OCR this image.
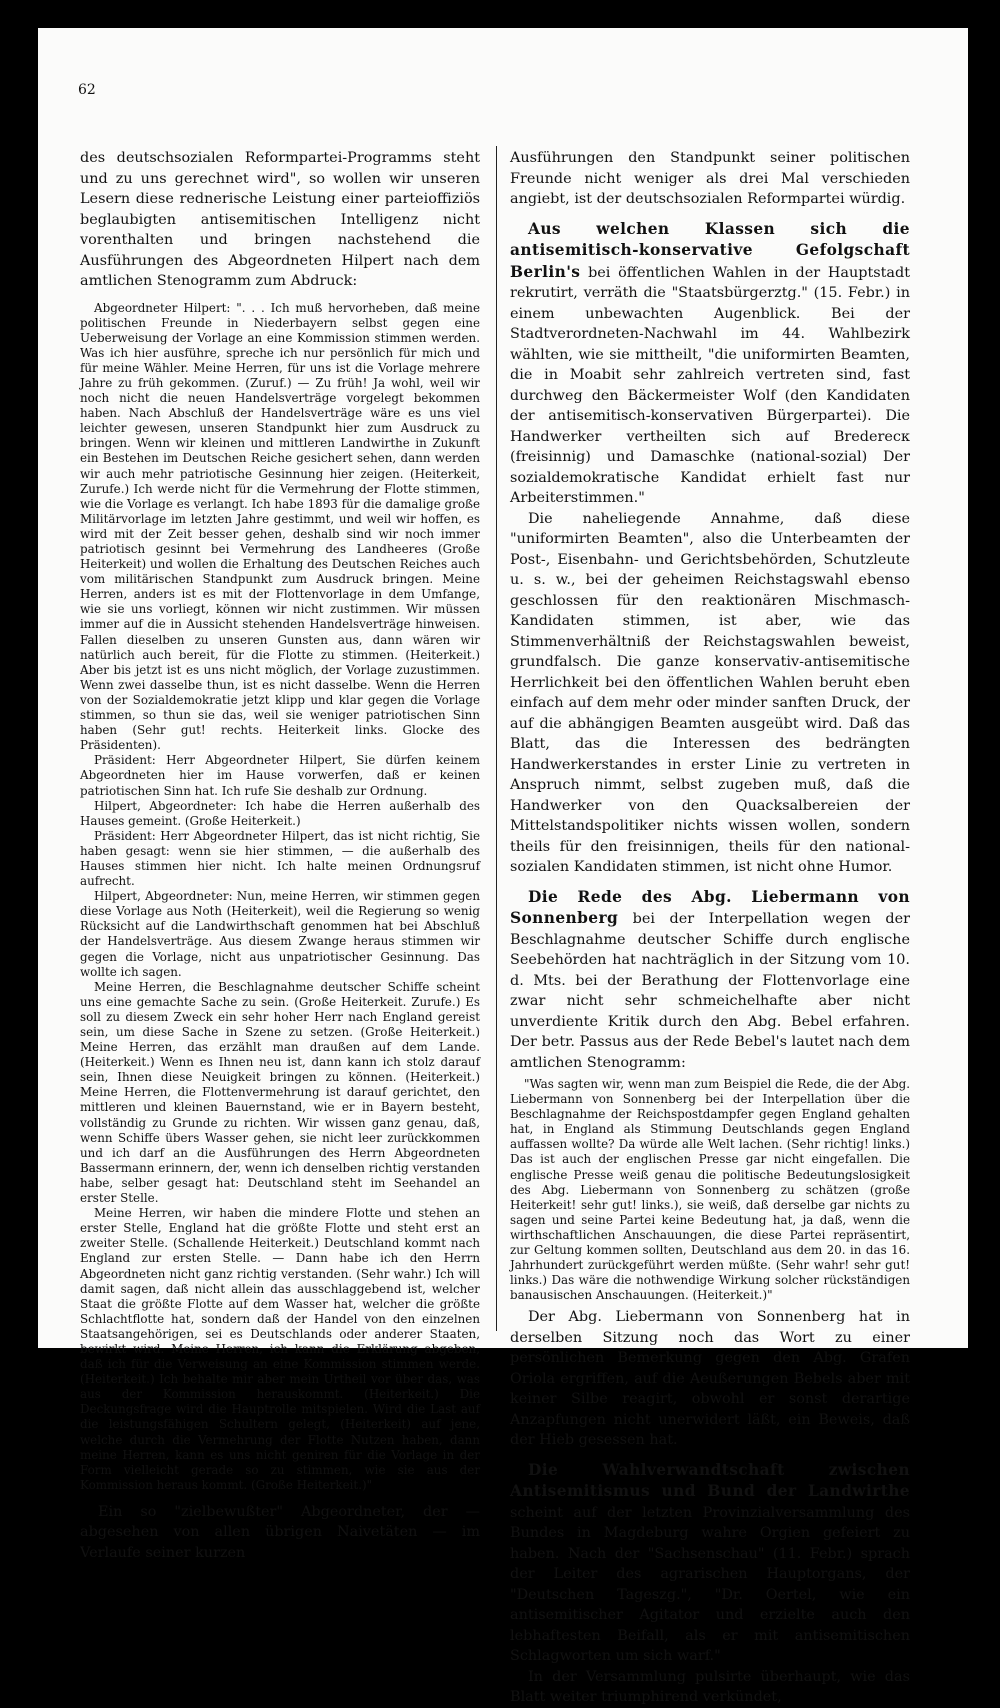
62

des deutschsozialen Reformpartei-Programms steht und zu uns gerechnet wird", so wollen wir unseren Lesern diese rednerische Leistung einer parteioffiziös beglaubigten antisemitischen Intelligenz nicht vorenthalten und bringen nachstehend die Ausführungen des Abgeordneten Hilpert nach dem amtlichen Stenogramm zum Abdruck:

Abgeordneter Hilpert: ". . . Ich muß hervorheben, daß meine politischen Freunde in Niederbayern selbst gegen eine Ueberweisung der Vorlage an eine Kommission stimmen werden. Was ich hier ausführe, spreche ich nur persönlich für mich und für meine Wähler. Meine Herren, für uns ist die Vorlage mehrere Jahre zu früh gekommen. (Zuruf.) — Zu früh! Ja wohl, weil wir noch nicht die neuen Handelsverträge vorgelegt bekommen haben. Nach Abschluß der Handelsverträge wäre es uns viel leichter gewesen, unseren Standpunkt hier zum Ausdruck zu bringen. Wenn wir kleinen und mittleren Landwirthe in Zukunft ein Bestehen im Deutschen Reiche gesichert sehen, dann werden wir auch mehr patriotische Gesinnung hier zeigen. (Heiterkeit, Zurufe.) Ich werde nicht für die Vermehrung der Flotte stimmen, wie die Vorlage es verlangt. Ich habe 1893 für die damalige große Militärvorlage im letzten Jahre gestimmt, und weil wir hoffen, es wird mit der Zeit besser gehen, deshalb sind wir noch immer patriotisch gesinnt bei Vermehrung des Landheeres (Große Heiterkeit) und wollen die Erhaltung des Deutschen Reiches auch vom militärischen Standpunkt zum Ausdruck bringen. Meine Herren, anders ist es mit der Flottenvorlage in dem Umfange, wie sie uns vorliegt, können wir nicht zustimmen. Wir müssen immer auf die in Aussicht stehenden Handelsverträge hinweisen. Fallen dieselben zu unseren Gunsten aus, dann wären wir natürlich auch bereit, für die Flotte zu stimmen. (Heiterkeit.) Aber bis jetzt ist es uns nicht möglich, der Vorlage zuzustimmen. Wenn zwei dasselbe thun, ist es nicht dasselbe. Wenn die Herren von der Sozialdemokratie jetzt klipp und klar gegen die Vorlage stimmen, so thun sie das, weil sie weniger patriotischen Sinn haben (Sehr gut! rechts. Heiterkeit links. Glocke des Präsidenten).

Präsident: Herr Abgeordneter Hilpert, Sie dürfen keinem Abgeordneten hier im Hause vorwerfen, daß er keinen patriotischen Sinn hat. Ich rufe Sie deshalb zur Ordnung.

Hilpert, Abgeordneter: Ich habe die Herren außerhalb des Hauses gemeint. (Große Heiterkeit.)

Präsident: Herr Abgeordneter Hilpert, das ist nicht richtig, Sie haben gesagt: wenn sie hier stimmen, — die außerhalb des Hauses stimmen hier nicht. Ich halte meinen Ordnungsruf aufrecht.

Hilpert, Abgeordneter: Nun, meine Herren, wir stimmen gegen diese Vorlage aus Noth (Heiterkeit), weil die Regierung so wenig Rücksicht auf die Landwirthschaft genommen hat bei Abschluß der Handelsverträge. Aus diesem Zwange heraus stimmen wir gegen die Vorlage, nicht aus unpatriotischer Gesinnung. Das wollte ich sagen.

Meine Herren, die Beschlagnahme deutscher Schiffe scheint uns eine gemachte Sache zu sein. (Große Heiterkeit. Zurufe.) Es soll zu diesem Zweck ein sehr hoher Herr nach England gereist sein, um diese Sache in Szene zu setzen. (Große Heiterkeit.) Meine Herren, das erzählt man draußen auf dem Lande. (Heiterkeit.) Wenn es Ihnen neu ist, dann kann ich stolz darauf sein, Ihnen diese Neuigkeit bringen zu können. (Heiterkeit.) Meine Herren, die Flottenvermehrung ist darauf gerichtet, den mittleren und kleinen Bauernstand, wie er in Bayern besteht, vollständig zu Grunde zu richten. Wir wissen ganz genau, daß, wenn Schiffe übers Wasser gehen, sie nicht leer zurückkommen und ich darf an die Ausführungen des Herrn Abgeordneten Bassermann erinnern, der, wenn ich denselben richtig verstanden habe, selber gesagt hat: Deutschland steht im Seehandel an erster Stelle.

Meine Herren, wir haben die mindere Flotte und stehen an erster Stelle, England hat die größte Flotte und steht erst an zweiter Stelle. (Schallende Heiterkeit.) Deutschland kommt nach England zur ersten Stelle. — Dann habe ich den Herrn Abgeordneten nicht ganz richtig verstanden. (Sehr wahr.) Ich will damit sagen, daß nicht allein das ausschlaggebend ist, welcher Staat die größte Flotte auf dem Wasser hat, welcher die größte Schlachtflotte hat, sondern daß der Handel von den einzelnen Staatsangehörigen, sei es Deutschlands oder anderer Staaten, bewirkt wird. Meine Herren, ich kann die Erklärung abgeben, daß ich für die Verweisung an eine Kommission stimmen werde. (Heiterkeit.) Ich behalte mir aber mein Urtheil vor über das, was aus der Kommission herauskommt. (Heiterkeit.) Die Deckungsfrage wird die Hauptrolle mitspielen. Wird die Last auf die leistungsfähigen Schultern gelegt, (Heiterkeit) auf jene, welche durch die Vermehrung der Flotte Nutzen haben, dann meine Herren, kann es uns nicht geniren für die Vorlage in der Form vielleicht gerade so zu stimmen, wie sie aus der Kommission heraus kommt. (Große Heiterkeit.)"

Ein so "zielbewußter" Abgeordneter, der — abgesehen von allen übrigen Naivetäten — im Verlaufe seiner kurzen

Ausführungen den Standpunkt seiner politischen Freunde nicht weniger als drei Mal verschieden angiebt, ist der deutschsozialen Reformpartei würdig.

Aus welchen Klassen sich die antisemitisch-konservative Gefolgschaft Berlin's bei öffentlichen Wahlen in der Hauptstadt rekrutirt, verräth die "Staatsbürgerztg." (15. Febr.) in einem unbewachten Augenblick. Bei der Stadtverordneten-Nachwahl im 44. Wahlbezirk wählten, wie sie mittheilt, "die uniformirten Beamten, die in Moabit sehr zahlreich vertreten sind, fast durchweg den Bäckermeister Wolf (den Kandidaten der antisemitisch-konservativen Bürgerpartei). Die Handwerker vertheilten sich auf Brederecк (freisinnig) und Damaschke (national-sozial) Der sozialdemokratische Kandidat erhielt fast nur Arbeiterstimmen."

Die naheliegende Annahme, daß diese "uniformirten Beamten", also die Unterbeamten der Post-, Eisenbahn- und Gerichtsbehörden, Schutzleute u. s. w., bei der geheimen Reichstagswahl ebenso geschlossen für den reaktionären Mischmasch-Kandidaten stimmen, ist aber, wie das Stimmenverhältniß der Reichstagswahlen beweist, grundfalsch. Die ganze konservativ-antisemitische Herrlichkeit bei den öffentlichen Wahlen beruht eben einfach auf dem mehr oder minder sanften Druck, der auf die abhängigen Beamten ausgeübt wird. Daß das Blatt, das die Interessen des bedrängten Handwerkerstandes in erster Linie zu vertreten in Anspruch nimmt, selbst zugeben muß, daß die Handwerker von den Quacksalbereien der Mittelstandspolitiker nichts wissen wollen, sondern theils für den freisinnigen, theils für den national-sozialen Kandidaten stimmen, ist nicht ohne Humor.

Die Rede des Abg. Liebermann von Sonnenberg bei der Interpellation wegen der Beschlagnahme deutscher Schiffe durch englische Seebehörden hat nachträglich in der Sitzung vom 10. d. Mts. bei der Berathung der Flottenvorlage eine zwar nicht sehr schmeichelhafte aber nicht unverdiente Kritik durch den Abg. Bebel erfahren. Der betr. Passus aus der Rede Bebel's lautet nach dem amtlichen Stenogramm:

"Was sagten wir, wenn man zum Beispiel die Rede, die der Abg. Liebermann von Sonnenberg bei der Interpellation über die Beschlagnahme der Reichspostdampfer gegen England gehalten hat, in England als Stimmung Deutschlands gegen England auffassen wollte? Da würde alle Welt lachen. (Sehr richtig! links.) Das ist auch der englischen Presse gar nicht eingefallen. Die englische Presse weiß genau die politische Bedeutungslosigkeit des Abg. Liebermann von Sonnenberg zu schätzen (große Heiterkeit! sehr gut! links.), sie weiß, daß derselbe gar nichts zu sagen und seine Partei keine Bedeutung hat, ja daß, wenn die wirthschaftlichen Anschauungen, die diese Partei repräsentirt, zur Geltung kommen sollten, Deutschland aus dem 20. in das 16. Jahrhundert zurückgeführt werden müßte. (Sehr wahr! sehr gut! links.) Das wäre die nothwendige Wirkung solcher rückständigen banausischen Anschauungen. (Heiterkeit.)"

Der Abg. Liebermann von Sonnenberg hat in derselben Sitzung noch das Wort zu einer persönlichen Bemerkung gegen den Abg. Grafen Oriola ergriffen, auf die Aeußerungen Bebels aber mit keiner Silbe reagirt, obwohl er sonst derartige Anzapfungen nicht unerwidert läßt, ein Beweis, daß der Hieb gesessen hat.

Die Wahlverwandtschaft zwischen Antisemitismus und Bund der Landwirthe scheint auf der letzten Provinzialversammlung des Bundes in Magdeburg wahre Orgien gefeiert zu haben. Nach der "Sachsenschau" (11. Febr.) sprach der Leiter des agrarischen Hauptorgans, der "Deutschen Tageszg.", "Dr. Oertel, wie ein antisemitischer Agitator und erzielte auch den lebhaftesten Beifall, als er mit antisemitischen Schlagworten um sich warf."

In der Versammlung pulsirte überhaupt, wie das Blatt weiter triumphirend verkündet,
